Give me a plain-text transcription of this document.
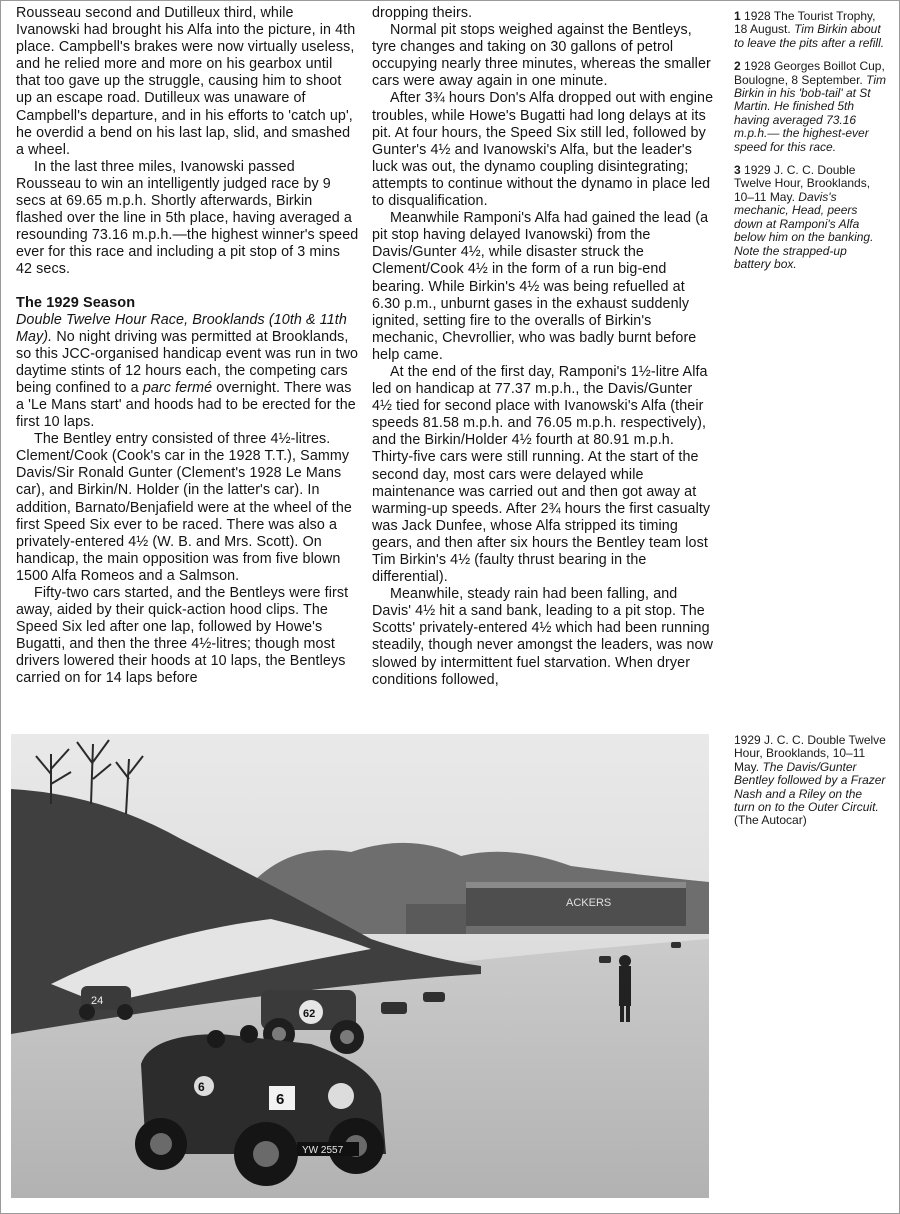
Rousseau second and Dutilleux third, while Ivanowski had brought his Alfa into the picture, in 4th place. Campbell's brakes were now virtually useless, and he relied more and more on his gearbox until that too gave up the struggle, causing him to shoot up an escape road. Dutilleux was unaware of Campbell's departure, and in his efforts to 'catch up', he overdid a bend on his last lap, slid, and smashed a wheel.

In the last three miles, Ivanowski passed Rousseau to win an intelligently judged race by 9 secs at 69.65 m.p.h. Shortly afterwards, Birkin flashed over the line in 5th place, having averaged a resounding 73.16 m.p.h.—the highest winner's speed ever for this race and including a pit stop of 3 mins 42 secs.

The 1929 Season

Double Twelve Hour Race, Brooklands (10th & 11th May). No night driving was permitted at Brooklands, so this JCC-organised handicap event was run in two daytime stints of 12 hours each, the competing cars being confined to a parc fermé overnight. There was a 'Le Mans start' and hoods had to be erected for the first 10 laps.

The Bentley entry consisted of three 4½-litres. Clement/Cook (Cook's car in the 1928 T.T.), Sammy Davis/Sir Ronald Gunter (Clement's 1928 Le Mans car), and Birkin/N. Holder (in the latter's car). In addition, Barnato/Benjafield were at the wheel of the first Speed Six ever to be raced. There was also a privately-entered 4½ (W. B. and Mrs. Scott). On handicap, the main opposition was from five blown 1500 Alfa Romeos and a Salmson.

Fifty-two cars started, and the Bentleys were first away, aided by their quick-action hood clips. The Speed Six led after one lap, followed by Howe's Bugatti, and then the three 4½-litres; though most drivers lowered their hoods at 10 laps, the Bentleys carried on for 14 laps before

dropping theirs.

Normal pit stops weighed against the Bentleys, tyre changes and taking on 30 gallons of petrol occupying nearly three minutes, whereas the smaller cars were away again in one minute.

After 3¾ hours Don's Alfa dropped out with engine troubles, while Howe's Bugatti had long delays at its pit. At four hours, the Speed Six still led, followed by Gunter's 4½ and Ivanowski's Alfa, but the leader's luck was out, the dynamo coupling disintegrating; attempts to continue without the dynamo in place led to disqualification.

Meanwhile Ramponi's Alfa had gained the lead (a pit stop having delayed Ivanowski) from the Davis/Gunter 4½, while disaster struck the Clement/Cook 4½ in the form of a run big-end bearing. While Birkin's 4½ was being refuelled at 6.30 p.m., unburnt gases in the exhaust suddenly ignited, setting fire to the overalls of Birkin's mechanic, Chevrollier, who was badly burnt before help came.

At the end of the first day, Ramponi's 1½-litre Alfa led on handicap at 77.37 m.p.h., the Davis/Gunter 4½ tied for second place with Ivanowski's Alfa (their speeds 81.58 m.p.h. and 76.05 m.p.h. respectively), and the Birkin/Holder 4½ fourth at 80.91 m.p.h. Thirty-five cars were still running. At the start of the second day, most cars were delayed while maintenance was carried out and then got away at warming-up speeds. After 2¾ hours the first casualty was Jack Dunfee, whose Alfa stripped its timing gears, and then after six hours the Bentley team lost Tim Birkin's 4½ (faulty thrust bearing in the differential).

Meanwhile, steady rain had been falling, and Davis' 4½ hit a sand bank, leading to a pit stop. The Scotts' privately-entered 4½ which had been running steadily, though never amongst the leaders, was now slowed by intermittent fuel starvation. When dryer conditions followed,

1 1928 The Tourist Trophy, 18 August. Tim Birkin about to leave the pits after a refill.
2 1928 Georges Boillot Cup, Boulogne, 8 September. Tim Birkin in his 'bob-tail' at St Martin. He finished 5th having averaged 73.16 m.p.h.— the highest-ever speed for this race.
3 1929 J. C. C. Double Twelve Hour, Brooklands, 10–11 May. Davis's mechanic, Head, peers down at Ramponi's Alfa below him on the banking. Note the strapped-up battery box.
1929 J. C. C. Double Twelve Hour, Brooklands, 10–11 May. The Davis/Gunter Bentley followed by a Frazer Nash and a Riley on the turn on to the Outer Circuit.
(The Autocar)
ACKERS
24
62
6
6
YW 2557
